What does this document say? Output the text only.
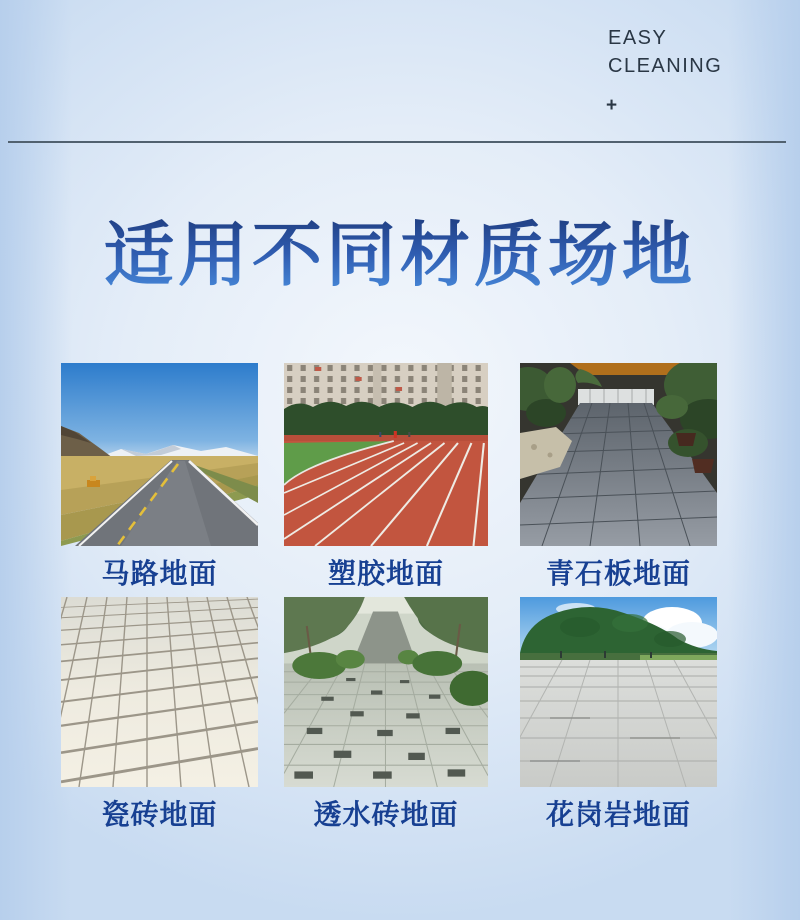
EASY
CLEANING
+
适用不同材质场地
马路地面	塑胶地面	青石板地面
瓷砖地面	透水砖地面	花岗岩地面
